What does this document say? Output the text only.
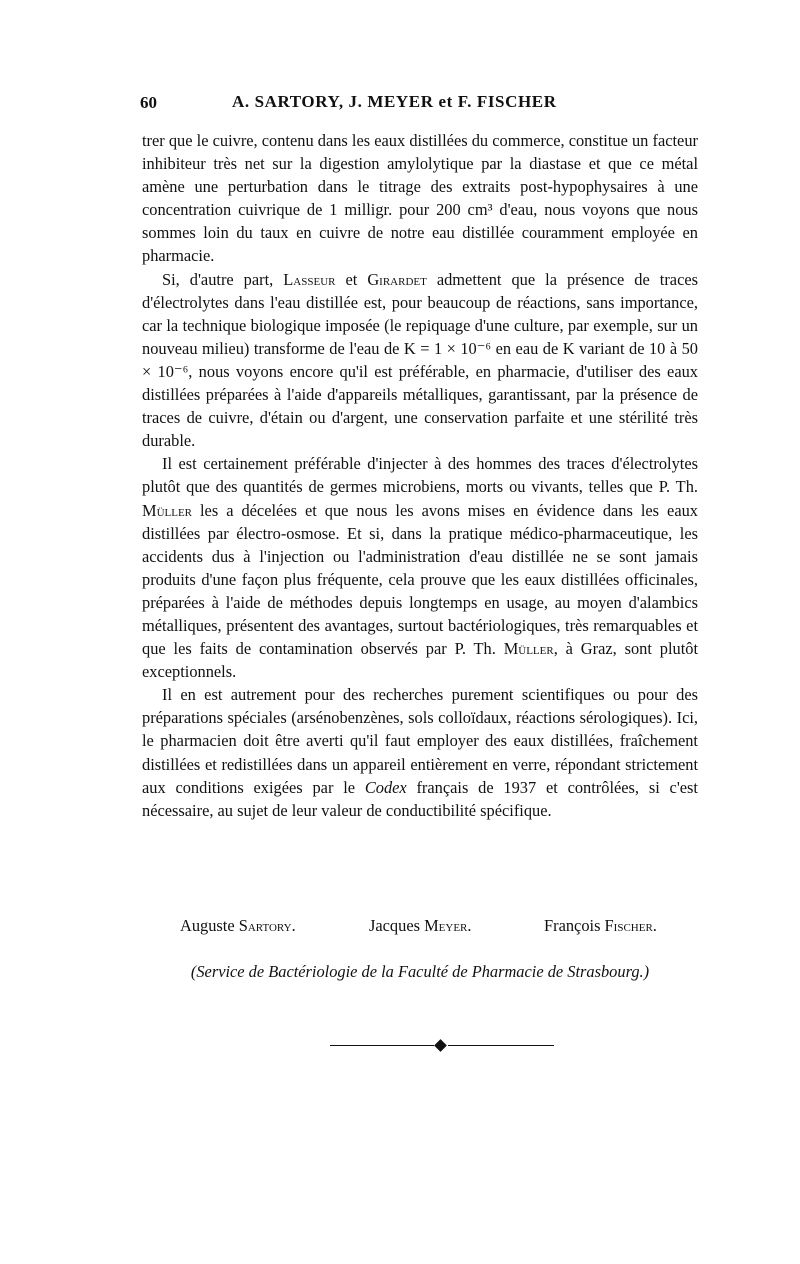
60	A. SARTORY, J. MEYER et F. FISCHER

trer que le cuivre, contenu dans les eaux distillées du commerce, constitue un facteur inhibiteur très net sur la digestion amylolytique par la diastase et que ce métal amène une perturbation dans le titrage des extraits post-hypophysaires à une concentration cuivrique de 1 milligr. pour 200 cm³ d'eau, nous voyons que nous sommes loin du taux en cuivre de notre eau distillée couramment employée en pharmacie.

Si, d'autre part, Lasseur et Girardet admettent que la présence de traces d'électrolytes dans l'eau distillée est, pour beaucoup de réactions, sans importance, car la technique biologique imposée (le repiquage d'une culture, par exemple, sur un nouveau milieu) transforme de l'eau de K = 1 × 10⁻⁶ en eau de K variant de 10 à 50 × 10⁻⁶, nous voyons encore qu'il est préférable, en pharmacie, d'utiliser des eaux distillées préparées à l'aide d'appareils métalliques, garantissant, par la présence de traces de cuivre, d'étain ou d'argent, une conservation parfaite et une stérilité très durable.

Il est certainement préférable d'injecter à des hommes des traces d'électrolytes plutôt que des quantités de germes microbiens, morts ou vivants, telles que P. Th. Müller les a décelées et que nous les avons mises en évidence dans les eaux distillées par électro-osmose. Et si, dans la pratique médico-pharmaceutique, les accidents dus à l'injection ou l'administration d'eau distillée ne se sont jamais produits d'une façon plus fréquente, cela prouve que les eaux distillées officinales, préparées à l'aide de méthodes depuis longtemps en usage, au moyen d'alambics métalliques, présentent des avantages, surtout bactériologiques, très remarquables et que les faits de contamination observés par P. Th. Müller, à Graz, sont plutôt exceptionnels.

Il en est autrement pour des recherches purement scientifiques ou pour des préparations spéciales (arsénobenzènes, sols colloïdaux, réactions sérologiques). Ici, le pharmacien doit être averti qu'il faut employer des eaux distillées, fraîchement distillées et redistillées dans un appareil entièrement en verre, répondant strictement aux conditions exigées par le Codex français de 1937 et contrôlées, si c'est nécessaire, au sujet de leur valeur de conductibilité spécifique.

Auguste Sartory.	Jacques Meyer.	François Fischer.
(Service de Bactériologie de la Faculté de Pharmacie de Strasbourg.)
